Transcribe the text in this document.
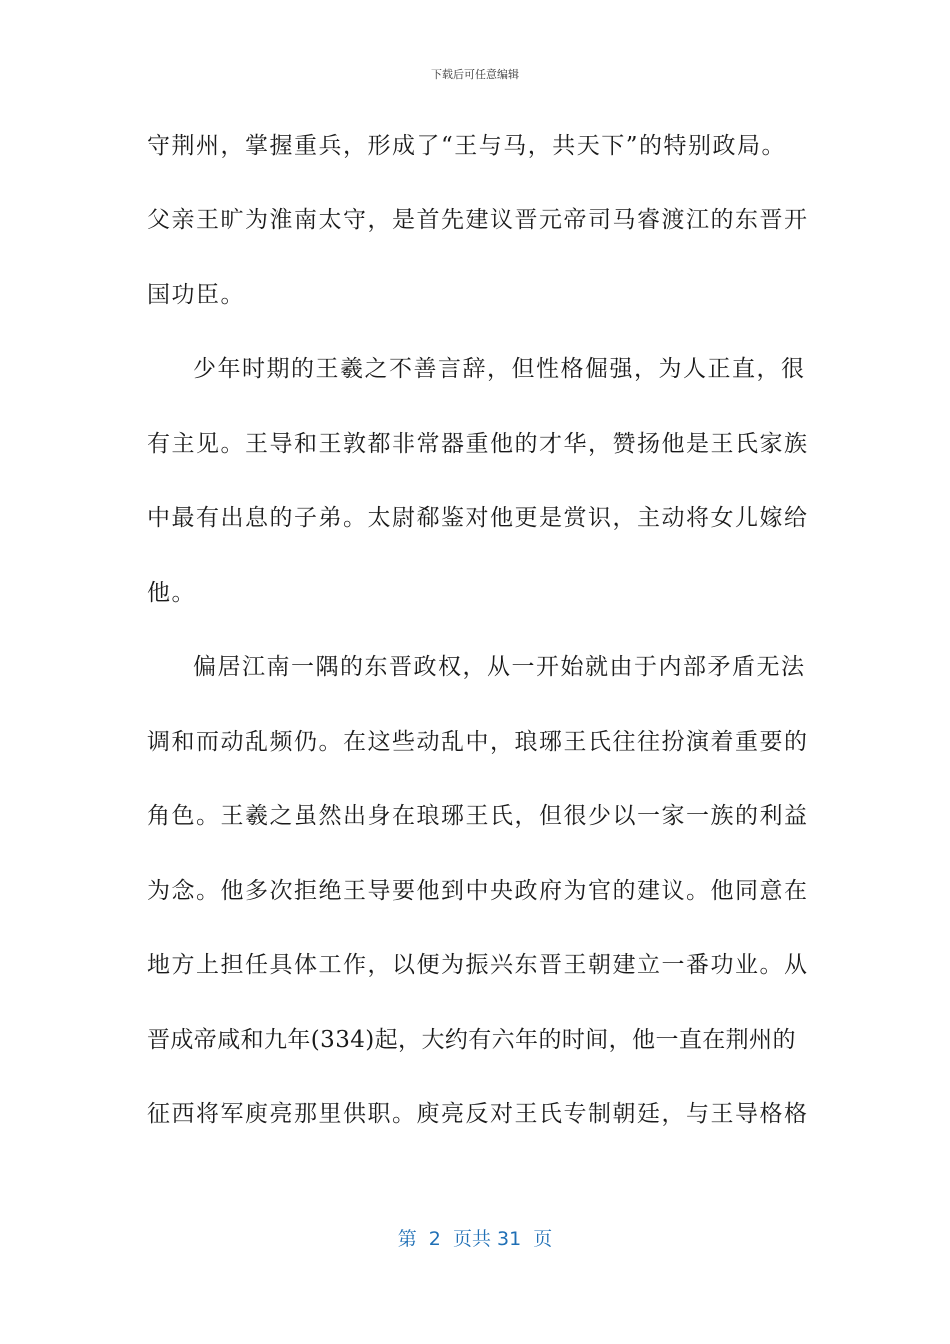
下载后可任意编辑
守荆州，掌握重兵，形成了“王与马，共天下”的特别政局。
父亲王旷为淮南太守，是首先建议晋元帝司马睿渡江的东晋开
国功臣。
少年时期的王羲之不善言辞，但性格倔强，为人正直，很
有主见。王导和王敦都非常器重他的才华，赞扬他是王氏家族
中最有出息的子弟。太尉郗鉴对他更是赏识，主动将女儿嫁给
他。
偏居江南一隅的东晋政权，从一开始就由于内部矛盾无法
调和而动乱频仍。在这些动乱中，琅琊王氏往往扮演着重要的
角色。王羲之虽然出身在琅琊王氏，但很少以一家一族的利益
为念。他多次拒绝王导要他到中央政府为官的建议。他同意在
地方上担任具体工作，以便为振兴东晋王朝建立一番功业。从
晋成帝咸和九年(334)起，大约有六年的时间，他一直在荆州的
征西将军庾亮那里供职。庾亮反对王氏专制朝廷，与王导格格
第  2  页共 31  页
